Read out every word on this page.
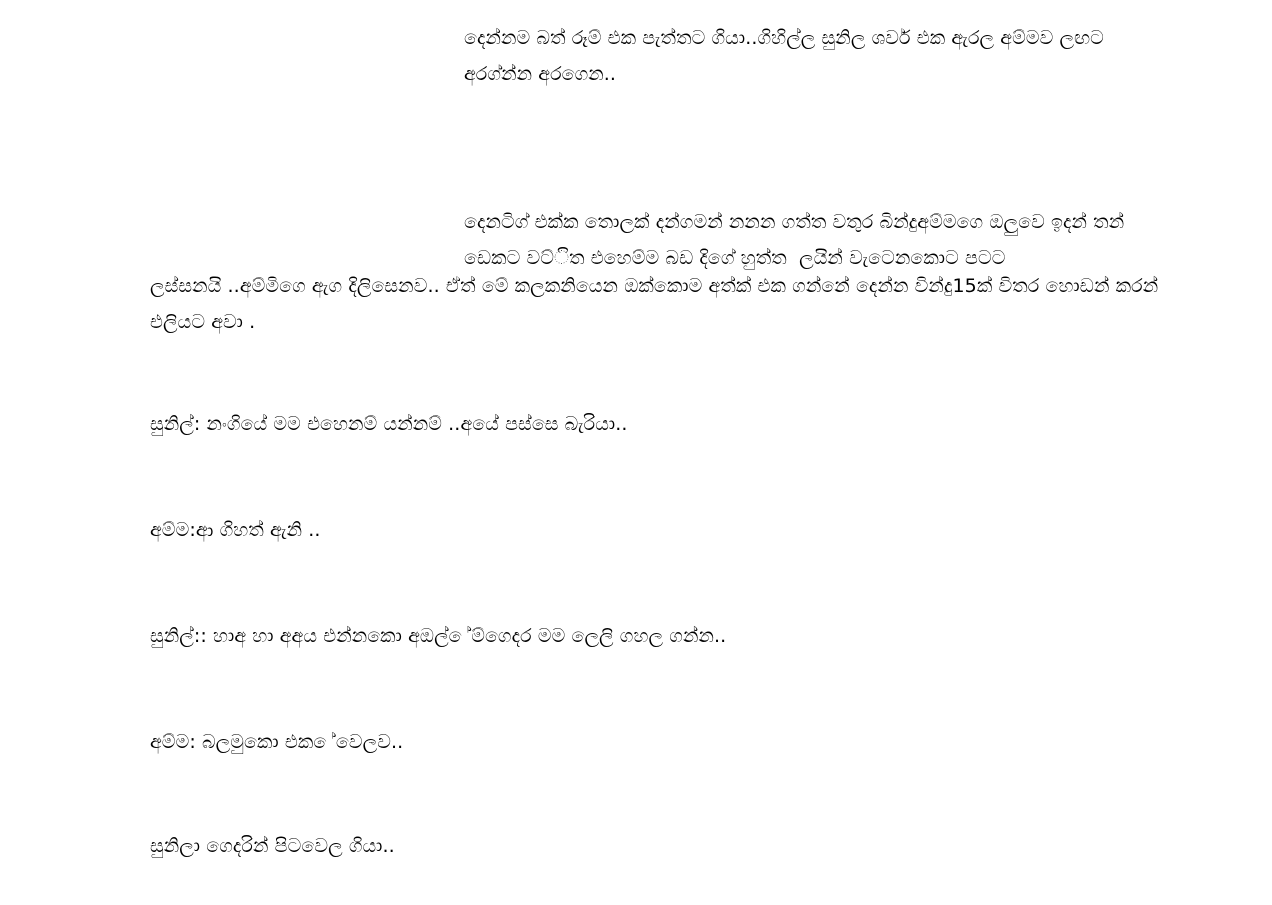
දෙන්නම බත් රූම් එක පැත්තට ගියා..ගිහිල්ල සුනිල ශවර් එක ඇරල අම්මව ලඟට අරග්න්න අරගෙන..
දෙනටිග් එක්ක තොලක් දන්ගමන් නනන ගත්ත වතුර බින්දුඅම්මගෙ ඔලුවෙ ඉදන් තන් ඩෙකට වට්ිත එහෙම්ම බඩ දිගේ හුත්ත  ලයින් වැටෙනකොට පටට
ලස්සනයි ..අම්මිගෙ ඇග දිලිසෙනව.. ඒත් මේ කලකනියෙන ඔක්කොම අත්ක් එක ගන්නේ දෙන්න වින්දු15ක් විතර හොඩන් කරන් එලියට අවා .
සුනිල්: නංගියේ මම එහෙනම් යන්නම් ..අයේ පස්සෙ බැරියා..
අම්ම:ආ ගිහත් ඇනි ..
සුනිල්:: හාඅ හා අඅය එන්නකො අඔල් ේම්ගෙදර මම ලෙලි ගහල ගන්න..
අම්ම: බලමුකො එක ේවෙලව..
සුනිලා ගෙදරින් පිටවෙල ගියා..
